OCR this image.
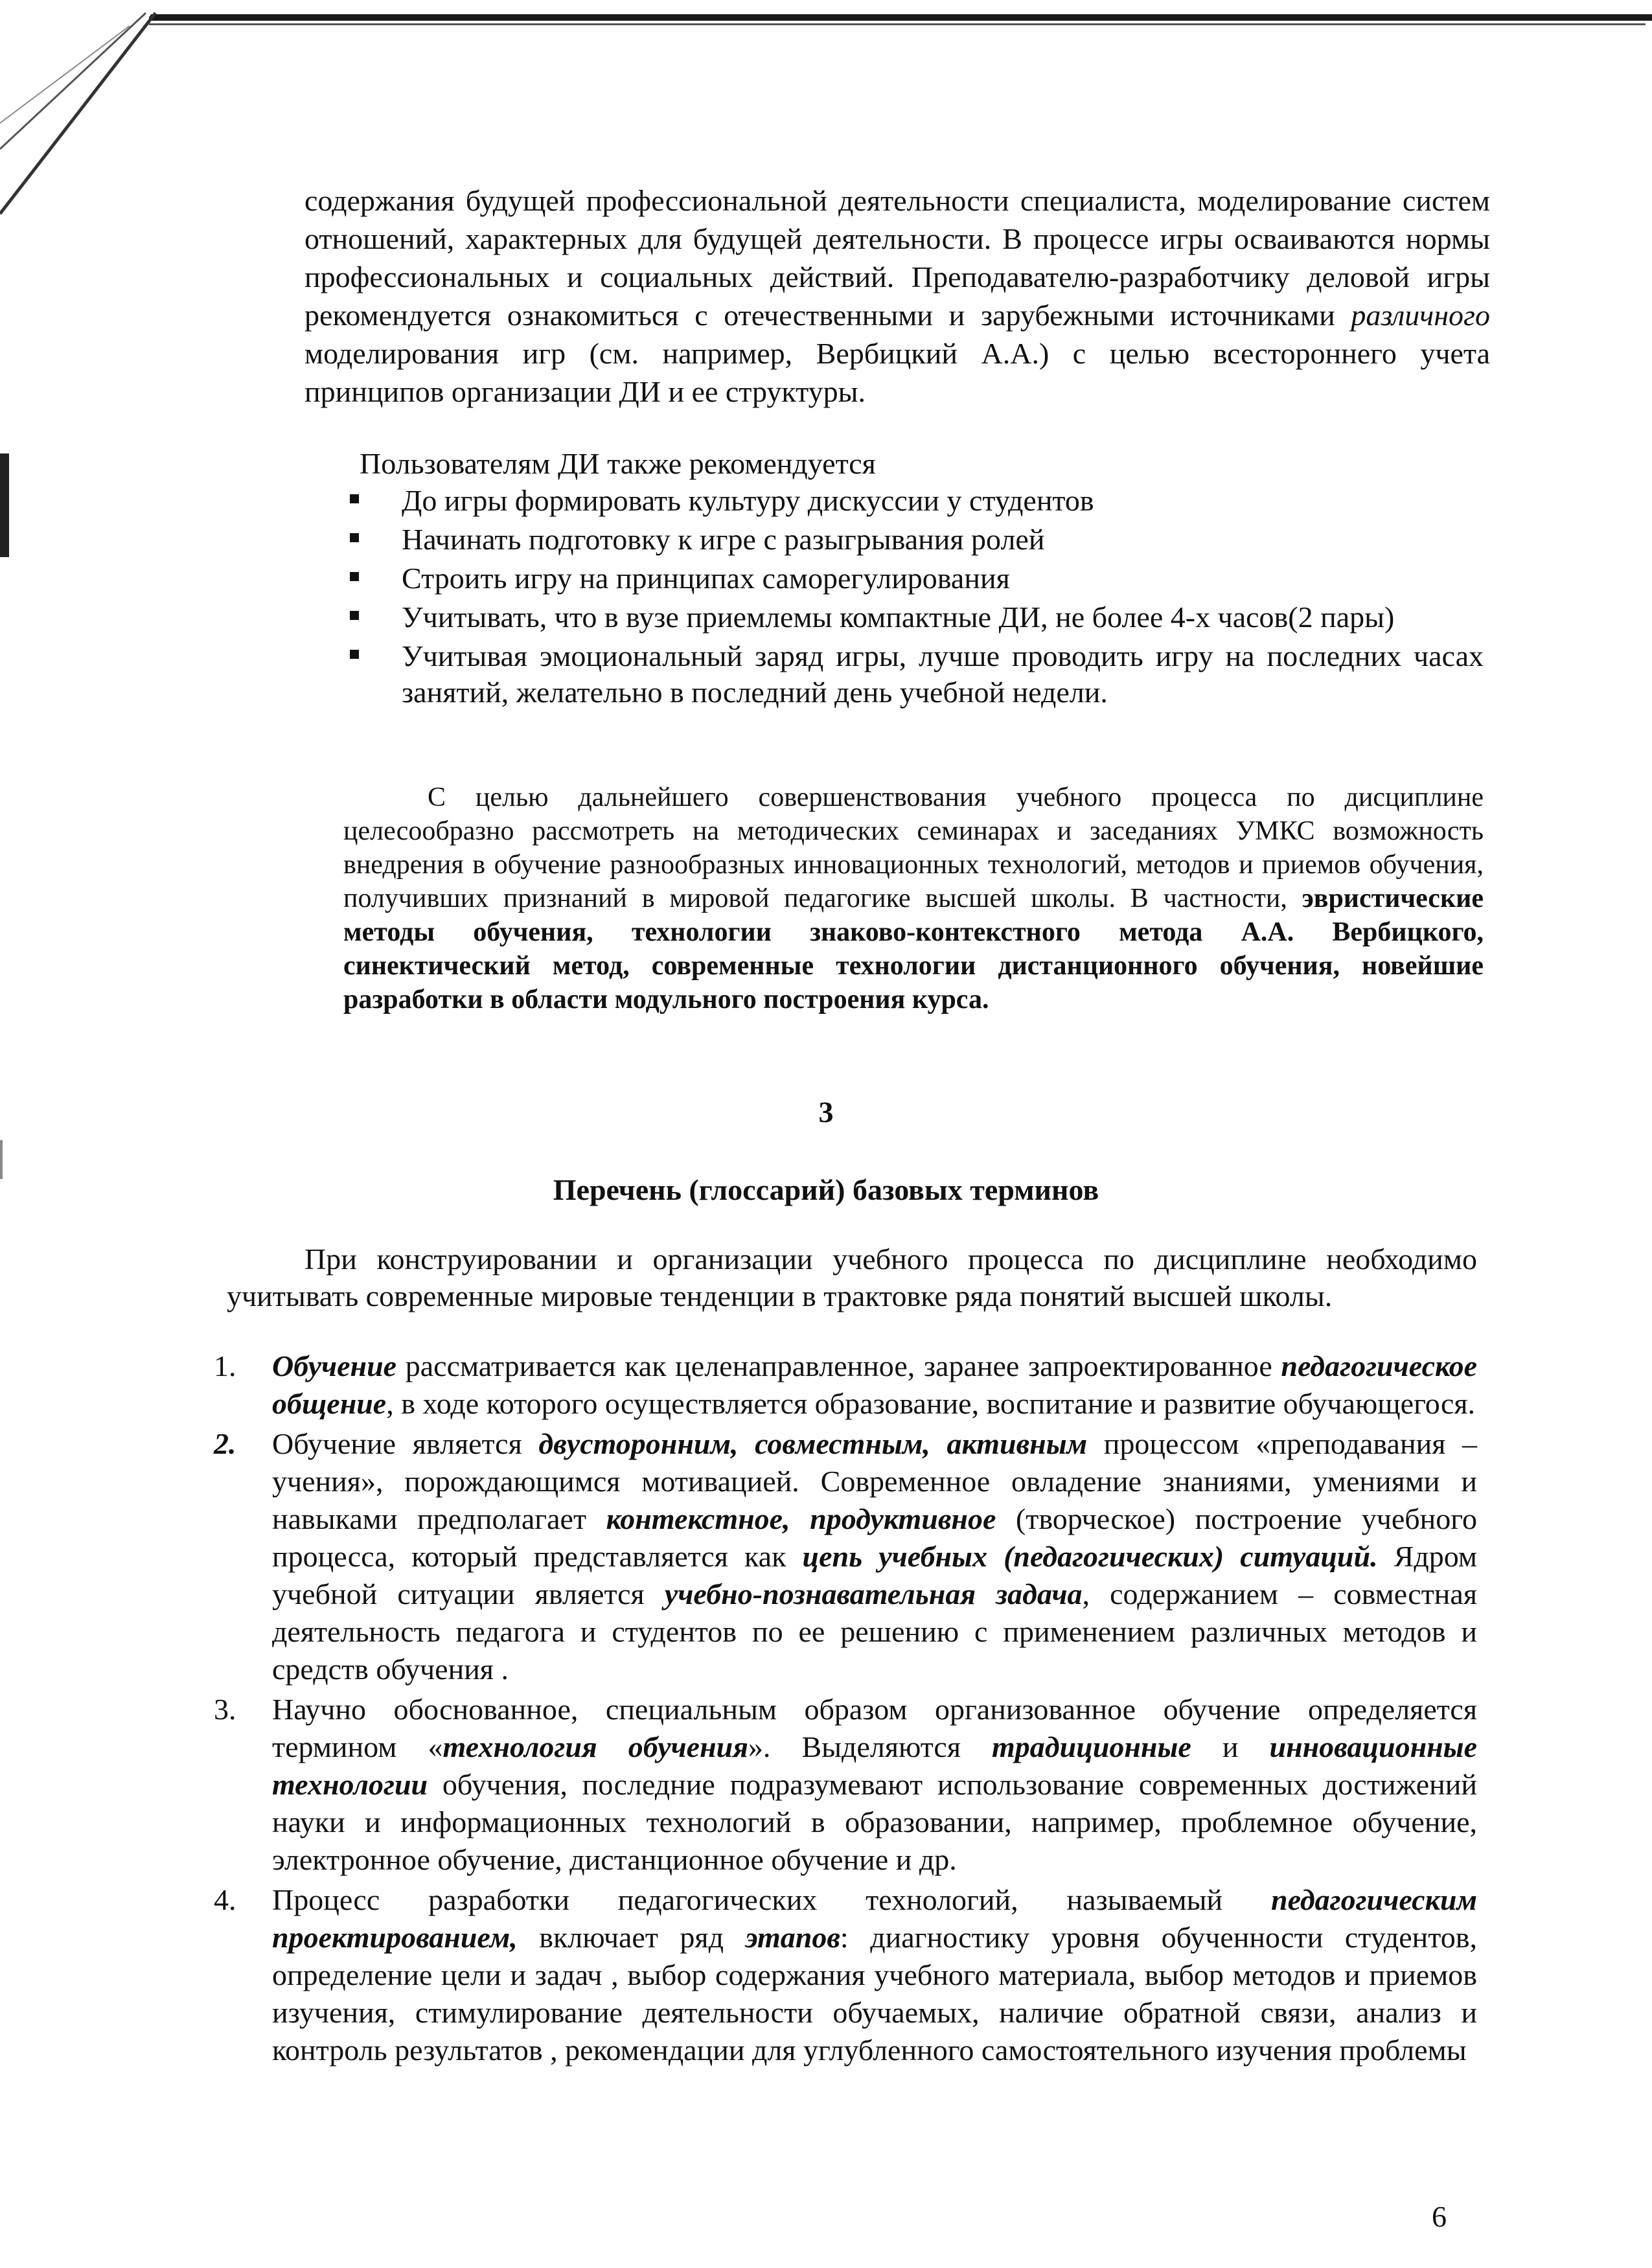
содержания будущей профессиональной деятельности специалиста, моделирование систем отношений, характерных для будущей деятельности. В процессе игры осваиваются нормы профессиональных и социальных действий. Преподавателю-разработчику деловой игры рекомендуется ознакомиться с отечественными и зарубежными источниками различного моделирования игр (см. например, Вербицкий А.А.) с целью всестороннего учета принципов организации ДИ и ее структуры.

Пользователям ДИ также рекомендуется

До игры формировать культуру дискуссии у студентов

Начинать подготовку к игре с разыгрывания ролей

Строить игру на принципах саморегулирования

Учитывать, что в вузе приемлемы компактные ДИ, не более 4-х часов(2 пары)

Учитывая эмоциональный заряд игры, лучше проводить игру на последних часах занятий, желательно в последний день учебной недели.

С целью дальнейшего совершенствования учебного процесса по дисциплине целесообразно рассмотреть на методических семинарах и заседаниях УМКС возможность внедрения в обучение разнообразных инновационных технологий, методов и приемов обучения, получивших признаний в мировой педагогике высшей школы. В частности, эвристические методы обучения, технологии знаково-контекстного метода А.А. Вербицкого, синектический метод, современные технологии дистанционного обучения, новейшие разработки в области модульного построения курса.

3
Перечень (глоссарий) базовых терминов

При конструировании и организации учебного процесса по дисциплине необходимо учитывать современные мировые тенденции в трактовке ряда понятий высшей школы.

1. Обучение рассматривается как целенаправленное, заранее запроектированное педагогическое общение, в ходе которого осуществляется образование, воспитание и развитие обучающегося.

2. Обучение является двусторонним, совместным, активным процессом «преподавания – учения», порождающимся мотивацией. Современное овладение знаниями, умениями и навыками предполагает контекстное, продуктивное (творческое) построение учебного процесса, который представляется как цепь учебных (педагогических) ситуаций. Ядром учебной ситуации является учебно-познавательная задача, содержанием – совместная деятельность педагога и студентов по ее решению с применением различных методов и средств обучения .

3. Научно обоснованное, специальным образом организованное обучение определяется термином «технология обучения». Выделяются традиционные и инновационные технологии обучения, последние подразумевают использование современных достижений науки и информационных технологий в образовании, например, проблемное обучение, электронное обучение, дистанционное обучение и др.

4. Процесс разработки педагогических технологий, называемый педагогическим проектированием, включает ряд этапов: диагностику уровня обученности студентов, определение цели и задач , выбор содержания учебного материала, выбор методов и приемов изучения, стимулирование деятельности обучаемых, наличие обратной связи, анализ и контроль результатов , рекомендации для углубленного самостоятельного изучения проблемы

6
